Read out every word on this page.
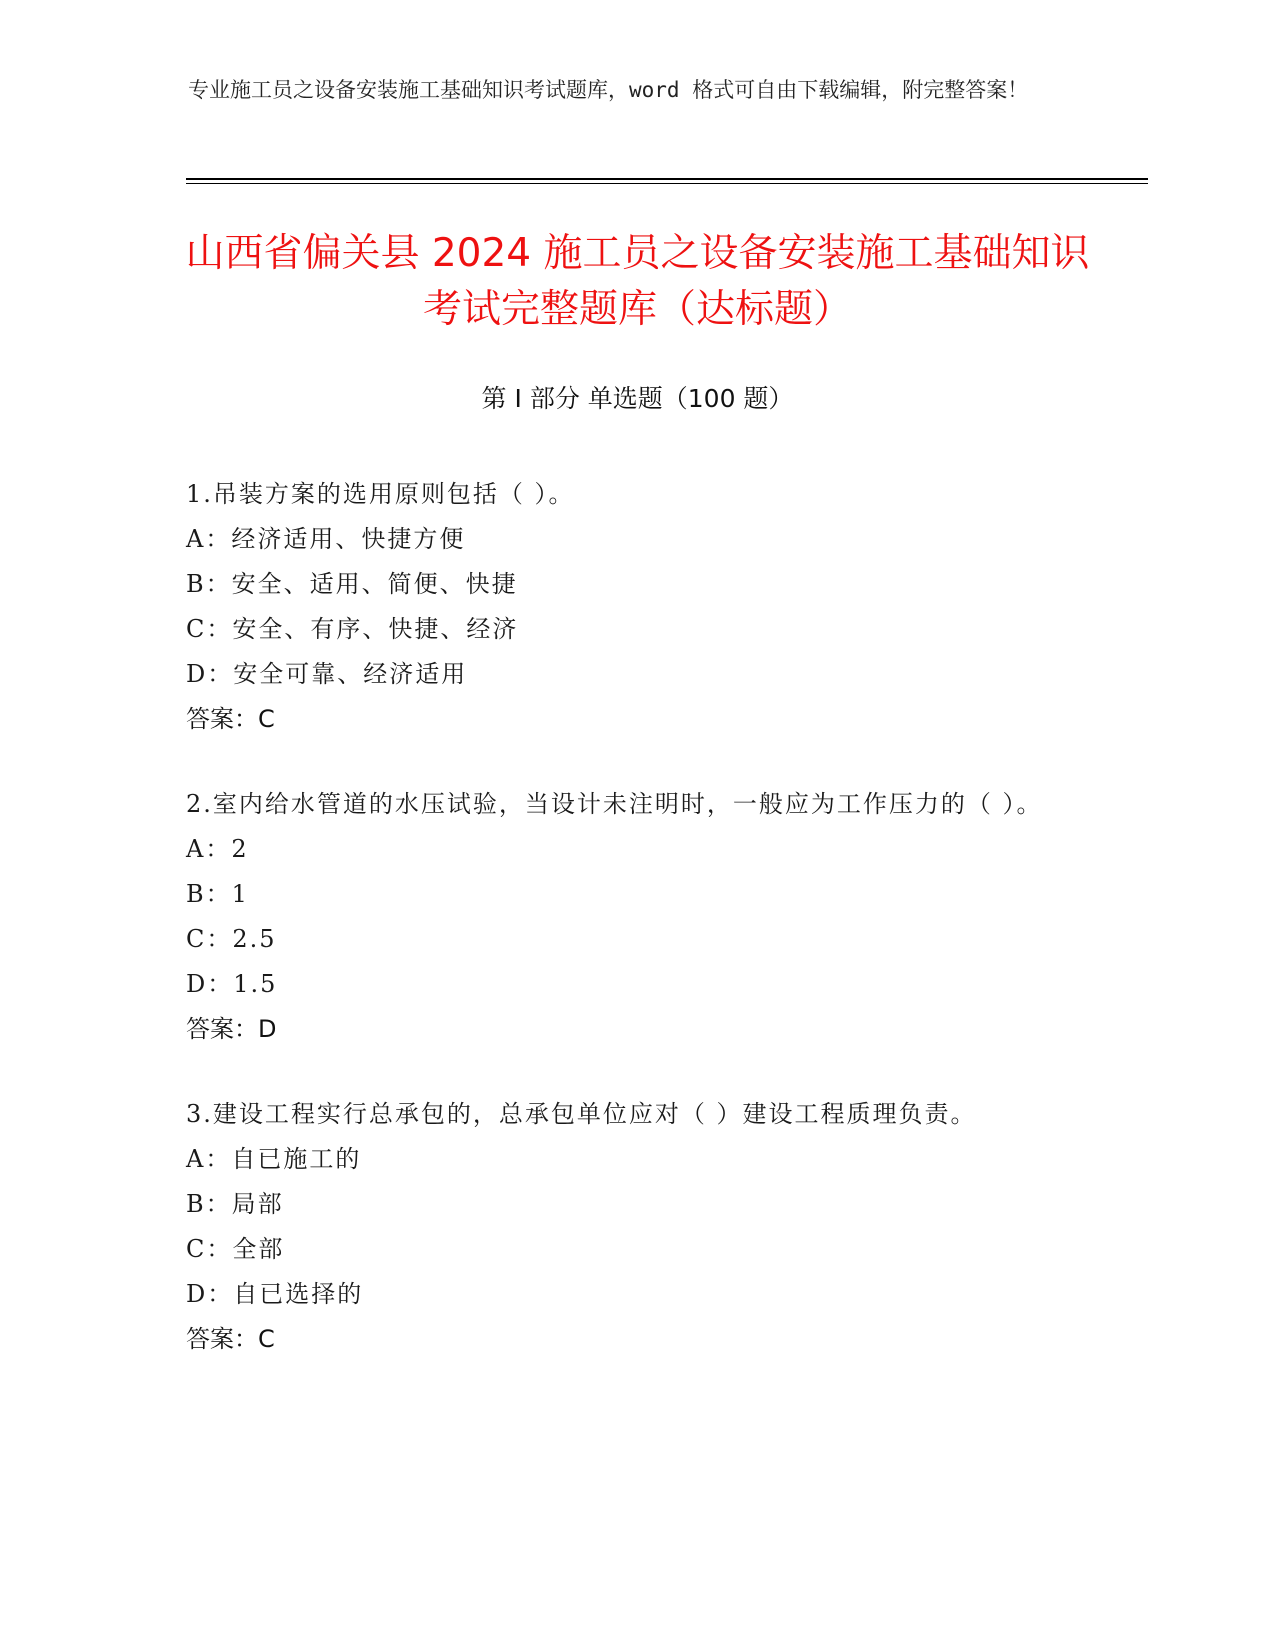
专业施工员之设备安装施工基础知识考试题库，word 格式可自由下载编辑，附完整答案！
山西省偏关县 2024 施工员之设备安装施工基础知识考试完整题库（达标题）
第 I 部分 单选题（100 题）
1.吊装方案的选用原则包括（ ）。
A：经济适用、快捷方便
B：安全、适用、简便、快捷
C：安全、有序、快捷、经济
D：安全可靠、经济适用
答案：C
2.室内给水管道的水压试验，当设计未注明时，一般应为工作压力的（ ）。
A：2
B：1
C：2.5
D：1.5
答案：D
3.建设工程实行总承包的，总承包单位应对（ ）建设工程质理负责。
A：自已施工的
B：局部
C：全部
D：自已选择的
答案：C
